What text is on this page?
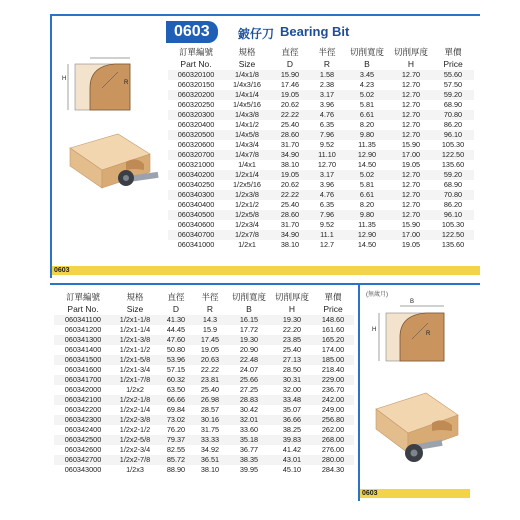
0603	鈹仔刀 Bearing Bit
H
R
訂單編號	規格	直徑	半徑	切削寬度	切削厚度	單價
Part No.	Size	D	R	B	H	Price
060320100	1/4x1/8	15.90	1.58	3.45	12.70	55.60
060320150	1/4x3/16	17.46	2.38	4.23	12.70	57.50
060320200	1/4x1/4	19.05	3.17	5.02	12.70	59.20
060320250	1/4x5/16	20.62	3.96	5.81	12.70	68.90
060320300	1/4x3/8	22.22	4.76	6.61	12.70	70.80
060320400	1/4x1/2	25.40	6.35	8.20	12.70	86.20
060320500	1/4x5/8	28.60	7.96	9.80	12.70	96.10
060320600	1/4x3/4	31.70	9.52	11.35	15.90	105.30
060320700	1/4x7/8	34.90	11.10	12.90	17.00	122.50
060321000	1/4x1	38.10	12.70	14.50	19.05	135.60
060340200	1/2x1/4	19.05	3.17	5.02	12.70	59.20
060340250	1/2x5/16	20.62	3.96	5.81	12.70	68.90
060340300	1/2x3/8	22.22	4.76	6.61	12.70	70.80
060340400	1/2x1/2	25.40	6.35	8.20	12.70	86.20
060340500	1/2x5/8	28.60	7.96	9.80	12.70	96.10
060340600	1/2x3/4	31.70	9.52	11.35	15.90	105.30
060340700	1/2x7/8	34.90	11.1	12.90	17.00	122.50
060341000	1/2x1	38.10	12.7	14.50	19.05	135.60
0603
訂單編號	規格	直徑	半徑	切削寬度	切削厚度	單價
Part No.	Size	D	R	B	H	Price
060341100	1/2x1-1/8	41.30	14.3	16.15	19.30	148.60
060341200	1/2x1-1/4	44.45	15.9	17.72	22.20	161.60
060341300	1/2x1-3/8	47.60	17.45	19.30	23.85	165.20
060341400	1/2x1-1/2	50.80	19.05	20.90	25.40	174.00
060341500	1/2x1-5/8	53.96	20.63	22.48	27.13	185.00
060341600	1/2x1-3/4	57.15	22.22	24.07	28.50	218.40
060341700	1/2x1-7/8	60.32	23.81	25.66	30.31	229.00
060342000	1/2x2	63.50	25.40	27.25	32.00	236.70
060342100	1/2x2-1/8	66.66	26.98	28.83	33.48	242.00
060342200	1/2x2-1/4	69.84	28.57	30.42	35.07	249.00
060342300	1/2x2-3/8	73.02	30.16	32.01	36.66	256.80
060342400	1/2x2-1/2	76.20	31.75	33.60	38.25	262.00
060342500	1/2x2-5/8	79.37	33.33	35.18	39.83	268.00
060342600	1/2x2-3/4	82.55	34.92	36.77	41.42	276.00
060342700	1/2x2-7/8	85.72	36.51	38.35	43.01	280.00
060343000	1/2x3	88.90	38.10	39.95	45.10	284.30
(無歲月)
H
B
R
0603
